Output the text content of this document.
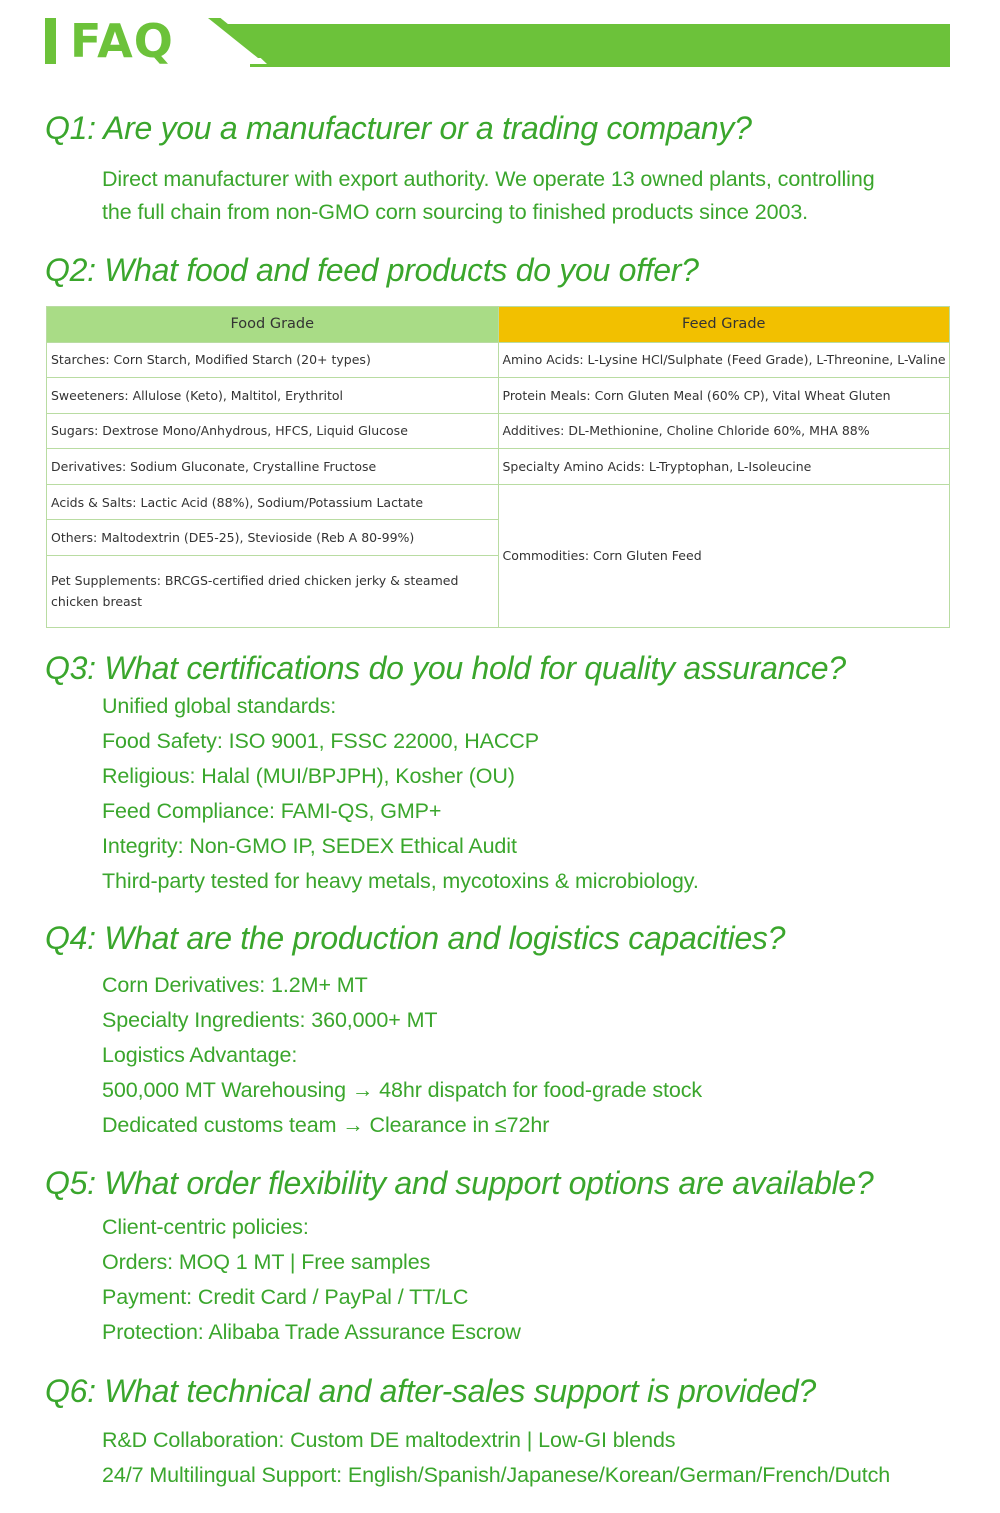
FAQ
Q1: Are you a manufacturer or a trading company?
Direct manufacturer with export authority. We operate 13 owned plants, controlling
the full chain from non-GMO corn sourcing to finished products since 2003.
Q2: What food and feed products do you offer?
Food Grade	Feed Grade
Starches: Corn Starch, Modified Starch (20+ types)	Amino Acids: L-Lysine HCl/Sulphate (Feed Grade), L-Threonine, L-Valine
Sweeteners: Allulose (Keto), Maltitol, Erythritol	Protein Meals: Corn Gluten Meal (60% CP), Vital Wheat Gluten
Sugars: Dextrose Mono/Anhydrous, HFCS, Liquid Glucose	Additives: DL-Methionine, Choline Chloride 60%, MHA 88%
Derivatives: Sodium Gluconate, Crystalline Fructose	Specialty Amino Acids: L-Tryptophan, L-Isoleucine
Acids & Salts: Lactic Acid (88%), Sodium/Potassium Lactate	Commodities: Corn Gluten Feed
Others: Maltodextrin (DE5-25), Stevioside (Reb A 80-99%)	
Pet Supplements: BRCGS-certified dried chicken jerky & steamed chicken breast	
Q3: What certifications do you hold for quality assurance?
Unified global standards:
Food Safety: ISO 9001, FSSC 22000, HACCP
Religious: Halal (MUI/BPJPH), Kosher (OU)
Feed Compliance: FAMI-QS, GMP+
Integrity: Non-GMO IP, SEDEX Ethical Audit
Third-party tested for heavy metals, mycotoxins & microbiology.
Q4: What are the production and logistics capacities?
Corn Derivatives: 1.2M+ MT
Specialty Ingredients: 360,000+ MT
Logistics Advantage:
500,000 MT Warehousing → 48hr dispatch for food-grade stock
Dedicated customs team → Clearance in ≤72hr
Q5: What order flexibility and support options are available?
Client-centric policies:
Orders: MOQ 1 MT | Free samples
Payment: Credit Card / PayPal / TT/LC
Protection: Alibaba Trade Assurance Escrow
Q6: What technical and after-sales support is provided?
R&D Collaboration: Custom DE maltodextrin | Low-GI blends
24/7 Multilingual Support: English/Spanish/Japanese/Korean/German/French/Dutch
